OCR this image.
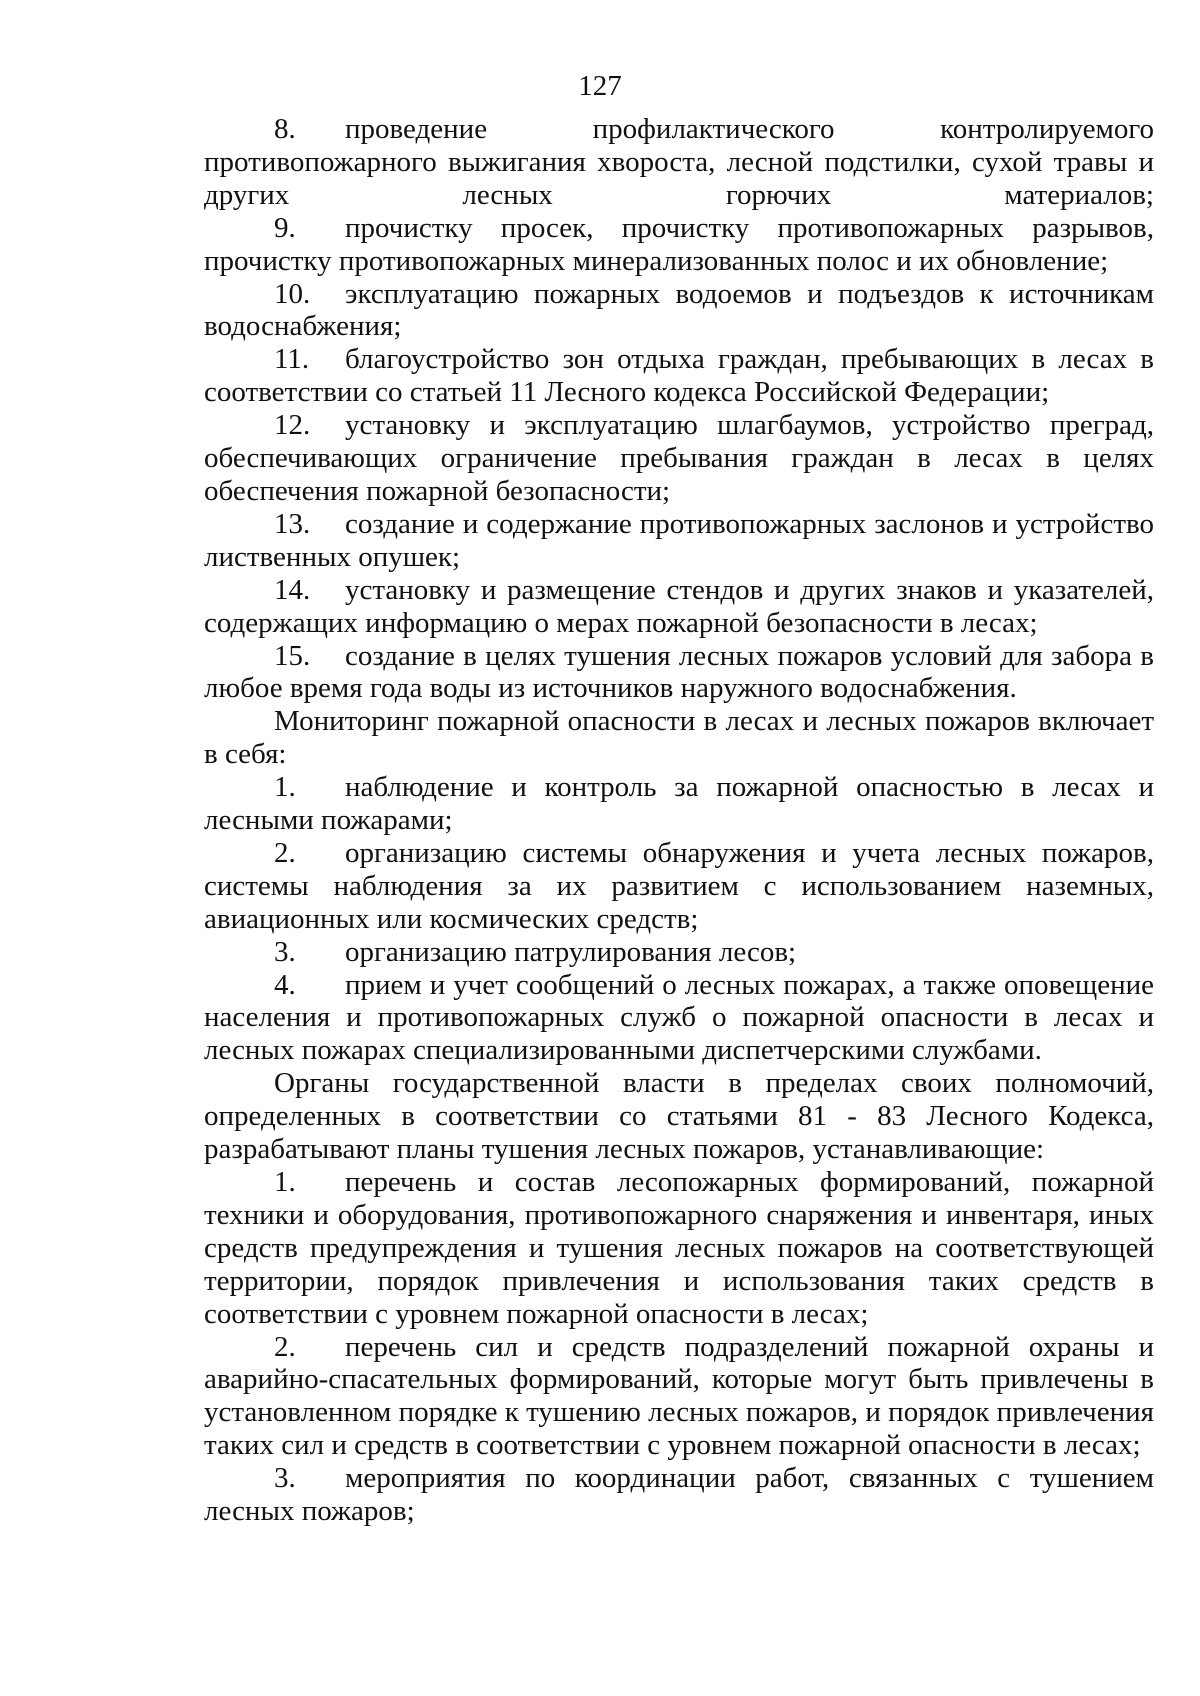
127

8. проведение профилактического контролируемого противопожарного выжигания хвороста, лесной подстилки, сухой травы и других лесных горючих материалов;

9. прочистку просек, прочистку противопожарных разрывов, прочистку противопожарных минерализованных полос и их обновление;

10. эксплуатацию пожарных водоемов и подъездов к источникам водоснабжения;

11. благоустройство зон отдыха граждан, пребывающих в лесах в соответствии со статьей 11 Лесного кодекса Российской Федерации;

12. установку и эксплуатацию шлагбаумов, устройство преград, обеспечивающих ограничение пребывания граждан в лесах в целях обеспечения пожарной безопасности;

13. создание и содержание противопожарных заслонов и устройство лиственных опушек;

14. установку и размещение стендов и других знаков и указателей, содержащих информацию о мерах пожарной безопасности в лесах;

15. создание в целях тушения лесных пожаров условий для забора в любое время года воды из источников наружного водоснабжения.

Мониторинг пожарной опасности в лесах и лесных пожаров включает в себя:

1. наблюдение и контроль за пожарной опасностью в лесах и лесными пожарами;

2. организацию системы обнаружения и учета лесных пожаров, системы наблюдения за их развитием с использованием наземных, авиационных или космических средств;

3. организацию патрулирования лесов;

4. прием и учет сообщений о лесных пожарах, а также оповещение населения и противопожарных служб о пожарной опасности в лесах и лесных пожарах специализированными диспетчерскими службами.

Органы государственной власти в пределах своих полномочий, определенных в соответствии со статьями 81 - 83 Лесного Кодекса, разрабатывают планы тушения лесных пожаров, устанавливающие:

1. перечень и состав лесопожарных формирований, пожарной техники и оборудования, противопожарного снаряжения и инвентаря, иных средств предупреждения и тушения лесных пожаров на соответствующей территории, порядок привлечения и использования таких средств в соответствии с уровнем пожарной опасности в лесах;

2. перечень сил и средств подразделений пожарной охраны и аварийно-спасательных формирований, которые могут быть привлечены в установленном порядке к тушению лесных пожаров, и порядок привлечения таких сил и средств в соответствии с уровнем пожарной опасности в лесах;

3. мероприятия по координации работ, связанных с тушением лесных пожаров;
